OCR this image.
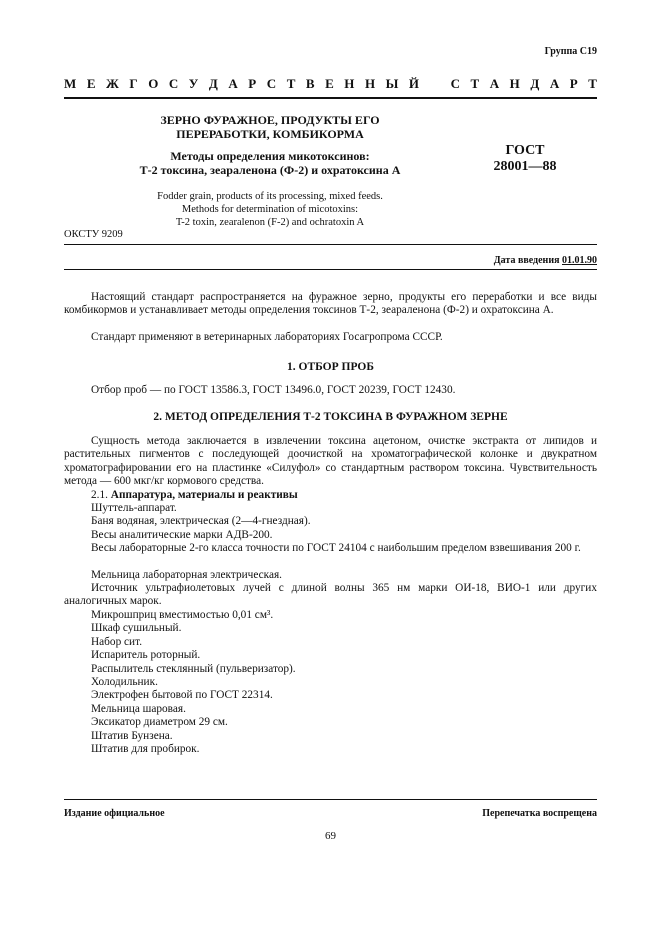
Группа С19
М Е Ж Г О С У Д А Р С Т В Е Н Н Ы Й С Т А Н Д А Р Т
ЗЕРНО ФУРАЖНОЕ, ПРОДУКТЫ ЕГО
ПЕРЕРАБОТКИ, КОМБИКОРМА
Методы определения микотоксинов:
Т-2 токсина, зеараленона (Ф-2) и охратоксина А
ГОСТ
28001—88
Fodder grain, products of its processing, mixed feeds.
Methods for determination of micotoxins:
T-2 toxin, zearalenon (F-2) and ochratoxin A
ОКСТУ 9209
Дата введения 01.01.90
Настоящий стандарт распространяется на фуражное зерно, продукты его переработки и все виды комбикормов и устанавливает методы определения токсинов Т-2, зеараленона (Ф-2) и охратоксина А.
Стандарт применяют в ветеринарных лабораториях Госагропрома СССР.
1. ОТБОР ПРОБ
Отбор проб — по ГОСТ 13586.3, ГОСТ 13496.0, ГОСТ 20239, ГОСТ 12430.
2. МЕТОД ОПРЕДЕЛЕНИЯ Т-2 ТОКСИНА В ФУРАЖНОМ ЗЕРНЕ
Сущность метода заключается в извлечении токсина ацетоном, очистке экстракта от липидов и растительных пигментов с последующей доочисткой на хроматографической колонке и двукратном хроматографировании его на пластинке «Силуфол» со стандартным раствором токсина. Чувствительность метода — 600 мкг/кг кормового средства.
2.1. Аппаратура, материалы и реактивы
Шуттель-аппарат.
Баня водяная, электрическая (2—4-гнездная).
Весы аналитические марки АДВ-200.
Весы лабораторные 2-го класса точности по ГОСТ 24104 с наибольшим пределом взвешивания 200 г.
Мельница лабораторная электрическая.
Источник ультрафиолетовых лучей с длиной волны 365 нм марки ОИ-18, ВИО-1 или других аналогичных марок.
Микрошприц вместимостью 0,01 см³.
Шкаф сушильный.
Набор сит.
Испаритель роторный.
Распылитель стеклянный (пульверизатор).
Холодильник.
Электрофен бытовой по ГОСТ 22314.
Мельница шаровая.
Эксикатор диаметром 29 см.
Штатив Бунзена.
Штатив для пробирок.
Издание официальное	Перепечатка воспрещена
69
